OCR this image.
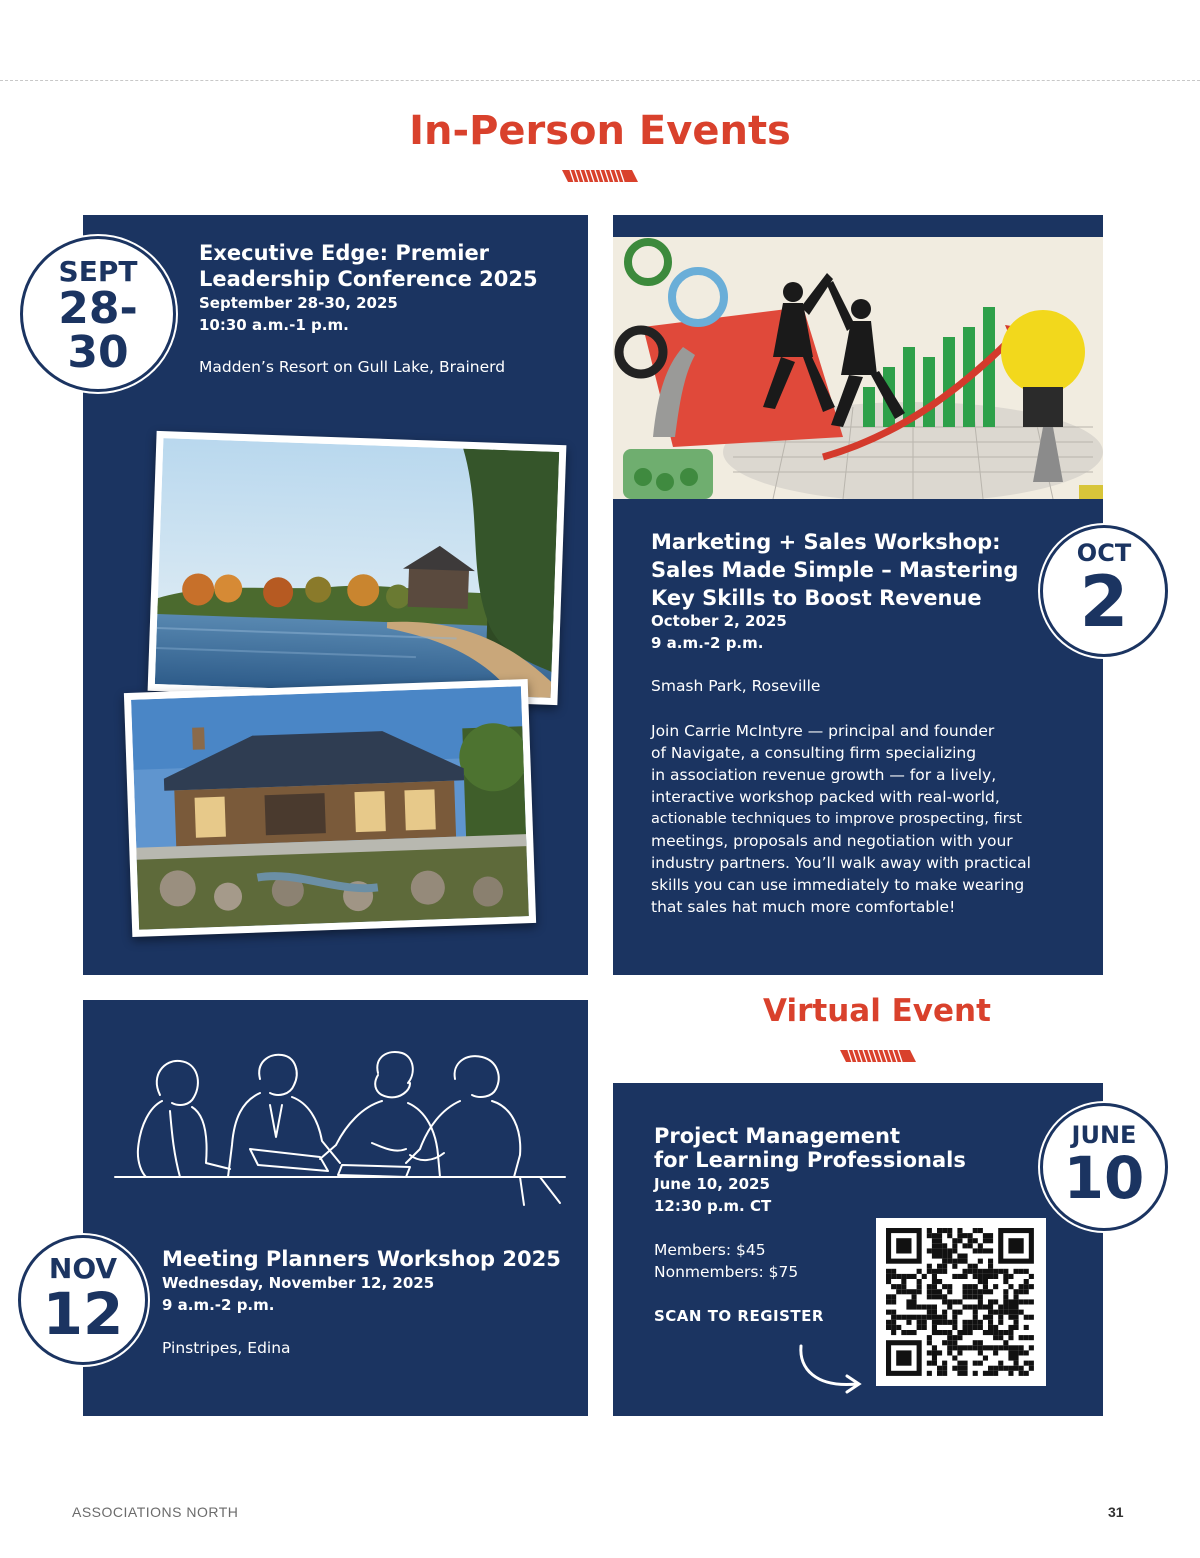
In-Person Events
SEPT
28-
30
Executive Edge: Premier
Leadership Conference 2025
September 28-30, 2025
10:30 a.m.-1 p.m.
Madden’s Resort on Gull Lake, Brainerd
OCT
2
Marketing + Sales Workshop:
Sales Made Simple – Mastering
Key Skills to Boost Revenue
October 2, 2025
9 a.m.-2 p.m.
Smash Park, Roseville
Join Carrie McIntyre — principal and founder
of Navigate, a consulting firm specializing
in association revenue growth — for a lively,
interactive workshop packed with real-world,
actionable techniques to improve prospecting, first
meetings, proposals and negotiation with your
industry partners. You’ll walk away with practical
skills you can use immediately to make wearing
that sales hat much more comfortable!
NOV
12
Meeting Planners Workshop 2025
Wednesday, November 12, 2025
9 a.m.-2 p.m.
Pinstripes, Edina
Virtual Event
JUNE
10
Project Management
for Learning Professionals
June 10, 2025
12:30 p.m. CT
Members: $45
Nonmembers: $75
SCAN TO REGISTER
ASSOCIATIONS NORTH	31
